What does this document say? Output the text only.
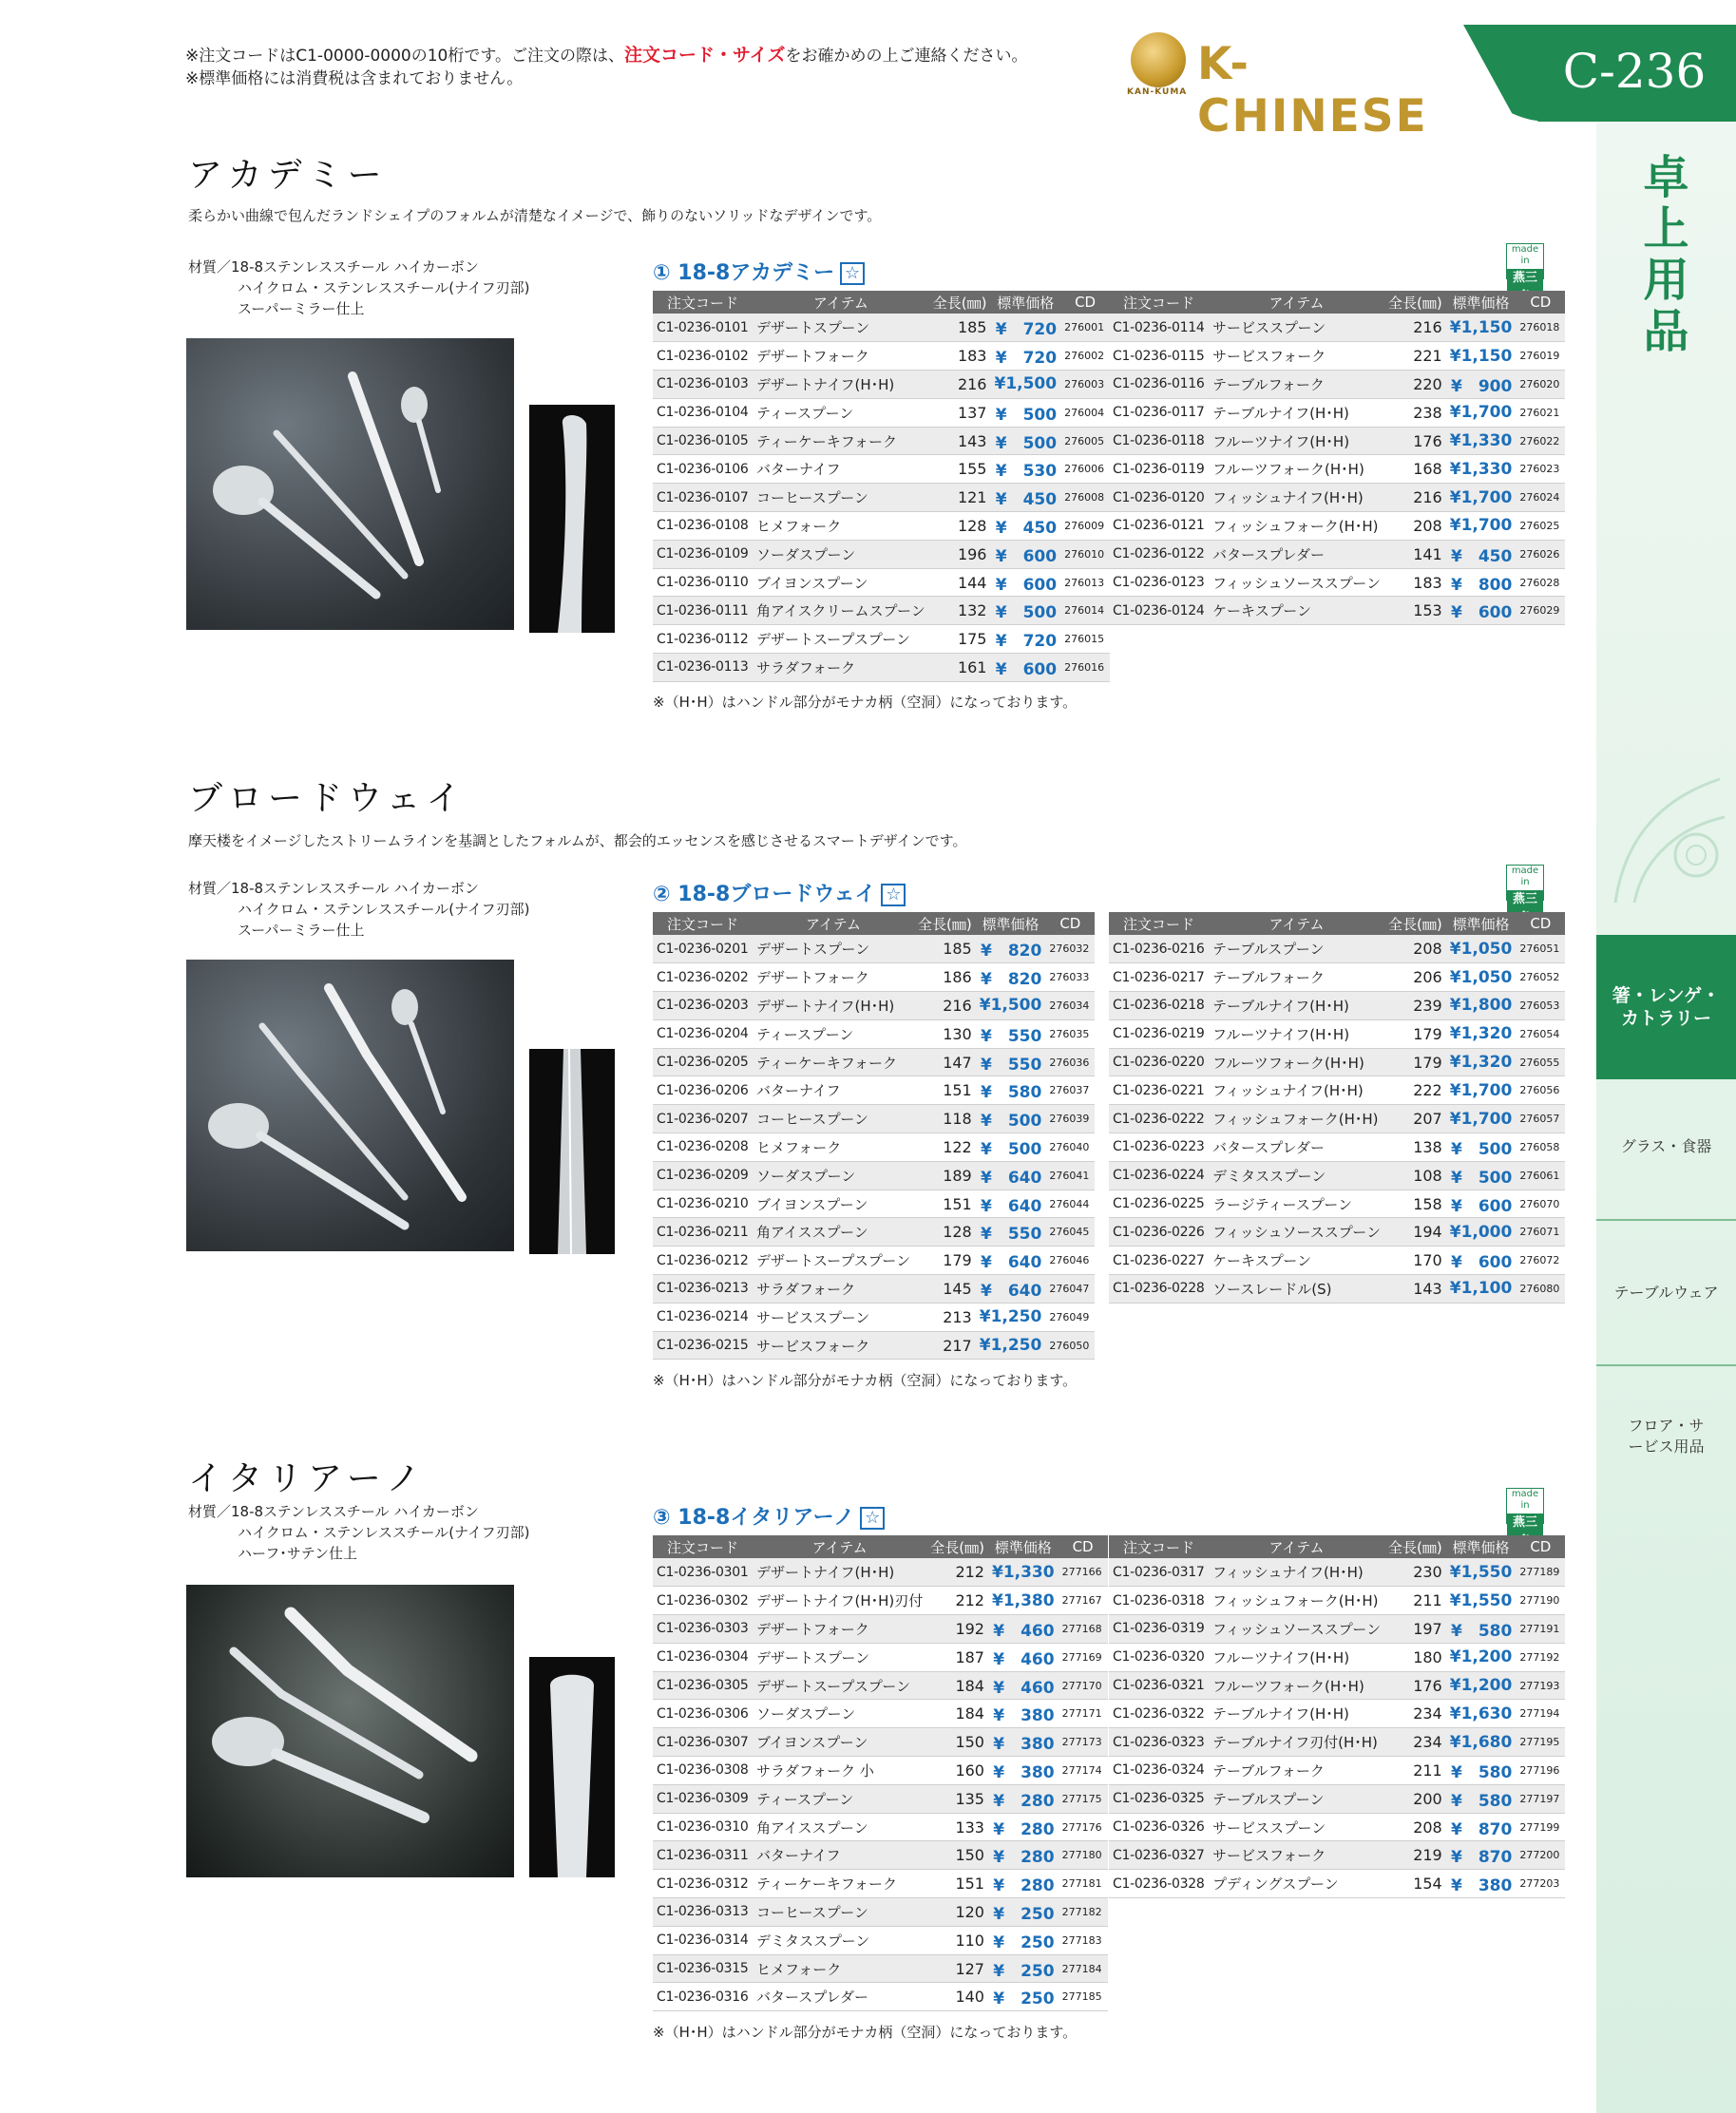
※注文コードはC1-0000-0000の10桁です。ご注文の際は、注文コード・サイズをお確かめの上ご連絡ください。
※標準価格には消費税は含まれておりません。
KAN-KUMA
K-CHINESE
C-236
卓上用品
箸・レンゲ・カトラリー
グラス・食器
テーブルウェア
フロア・サービス用品
アカデミー
柔らかい曲線で包んだランドシェイプのフォルムが清楚なイメージで、飾りのないソリッドなデザインです。
材質／18-8ステンレススチール ハイカーボン
ハイクロム・ステンレススチール(ナイフ刃部)
スーパーミラー仕上
① 18-8アカデミー ☆
made in
燕三
注文コード	アイテム	全長(㎜)	標準価格	CD
C1-0236-0101	デザートスプーン	185	¥　720	276001
C1-0236-0102	デザートフォーク	183	¥　720	276002
C1-0236-0103	デザートナイフ(H･H)	216	¥1,500	276003
C1-0236-0104	ティースプーン	137	¥　500	276004
C1-0236-0105	ティーケーキフォーク	143	¥　500	276005
C1-0236-0106	バターナイフ	155	¥　530	276006
C1-0236-0107	コーヒースプーン	121	¥　450	276008
C1-0236-0108	ヒメフォーク	128	¥　450	276009
C1-0236-0109	ソーダスプーン	196	¥　600	276010
C1-0236-0110	ブイヨンスプーン	144	¥　600	276013
C1-0236-0111	角アイスクリームスプーン	132	¥　500	276014
C1-0236-0112	デザートスープスプーン	175	¥　720	276015
C1-0236-0113	サラダフォーク	161	¥　600	276016
注文コード	アイテム	全長(㎜)	標準価格	CD
C1-0236-0114	サービススプーン	216	¥1,150	276018
C1-0236-0115	サービスフォーク	221	¥1,150	276019
C1-0236-0116	テーブルフォーク	220	¥　900	276020
C1-0236-0117	テーブルナイフ(H･H)	238	¥1,700	276021
C1-0236-0118	フルーツナイフ(H･H)	176	¥1,330	276022
C1-0236-0119	フルーツフォーク(H･H)	168	¥1,330	276023
C1-0236-0120	フィッシュナイフ(H･H)	216	¥1,700	276024
C1-0236-0121	フィッシュフォーク(H･H)	208	¥1,700	276025
C1-0236-0122	バタースプレダー	141	¥　450	276026
C1-0236-0123	フィッシュソーススプーン	183	¥　800	276028
C1-0236-0124	ケーキスプーン	153	¥　600	276029
※（H･H）はハンドル部分がモナカ柄（空洞）になっております。
ブロードウェイ
摩天楼をイメージしたストリームラインを基調としたフォルムが、都会的エッセンスを感じさせるスマートデザインです。
材質／18-8ステンレススチール ハイカーボン
ハイクロム・ステンレススチール(ナイフ刃部)
スーパーミラー仕上
② 18-8ブロードウェイ ☆
made in
燕三
注文コード	アイテム	全長(㎜)	標準価格	CD
C1-0236-0201	デザートスプーン	185	¥　820	276032
C1-0236-0202	デザートフォーク	186	¥　820	276033
C1-0236-0203	デザートナイフ(H･H)	216	¥1,500	276034
C1-0236-0204	ティースプーン	130	¥　550	276035
C1-0236-0205	ティーケーキフォーク	147	¥　550	276036
C1-0236-0206	バターナイフ	151	¥　580	276037
C1-0236-0207	コーヒースプーン	118	¥　500	276039
C1-0236-0208	ヒメフォーク	122	¥　500	276040
C1-0236-0209	ソーダスプーン	189	¥　640	276041
C1-0236-0210	ブイヨンスプーン	151	¥　640	276044
C1-0236-0211	角アイススプーン	128	¥　550	276045
C1-0236-0212	デザートスープスプーン	179	¥　640	276046
C1-0236-0213	サラダフォーク	145	¥　640	276047
C1-0236-0214	サービススプーン	213	¥1,250	276049
C1-0236-0215	サービスフォーク	217	¥1,250	276050
注文コード	アイテム	全長(㎜)	標準価格	CD
C1-0236-0216	テーブルスプーン	208	¥1,050	276051
C1-0236-0217	テーブルフォーク	206	¥1,050	276052
C1-0236-0218	テーブルナイフ(H･H)	239	¥1,800	276053
C1-0236-0219	フルーツナイフ(H･H)	179	¥1,320	276054
C1-0236-0220	フルーツフォーク(H･H)	179	¥1,320	276055
C1-0236-0221	フィッシュナイフ(H･H)	222	¥1,700	276056
C1-0236-0222	フィッシュフォーク(H･H)	207	¥1,700	276057
C1-0236-0223	バタースプレダー	138	¥　500	276058
C1-0236-0224	デミタススプーン	108	¥　500	276061
C1-0236-0225	ラージティースプーン	158	¥　600	276070
C1-0236-0226	フィッシュソーススプーン	194	¥1,000	276071
C1-0236-0227	ケーキスプーン	170	¥　600	276072
C1-0236-0228	ソースレードル(S)	143	¥1,100	276080
※（H･H）はハンドル部分がモナカ柄（空洞）になっております。
イタリアーノ
材質／18-8ステンレススチール ハイカーボン
ハイクロム・ステンレススチール(ナイフ刃部)
ハーフ･サテン仕上
③ 18-8イタリアーノ ☆
made in
燕三
注文コード	アイテム	全長(㎜)	標準価格	CD
C1-0236-0301	デザートナイフ(H･H)	212	¥1,330	277166
C1-0236-0302	デザートナイフ(H･H)刃付	212	¥1,380	277167
C1-0236-0303	デザートフォーク	192	¥　460	277168
C1-0236-0304	デザートスプーン	187	¥　460	277169
C1-0236-0305	デザートスープスプーン	184	¥　460	277170
C1-0236-0306	ソーダスプーン	184	¥　380	277171
C1-0236-0307	ブイヨンスプーン	150	¥　380	277173
C1-0236-0308	サラダフォーク 小	160	¥　380	277174
C1-0236-0309	ティースプーン	135	¥　280	277175
C1-0236-0310	角アイススプーン	133	¥　280	277176
C1-0236-0311	バターナイフ	150	¥　280	277180
C1-0236-0312	ティーケーキフォーク	151	¥　280	277181
C1-0236-0313	コーヒースプーン	120	¥　250	277182
C1-0236-0314	デミタススプーン	110	¥　250	277183
C1-0236-0315	ヒメフォーク	127	¥　250	277184
C1-0236-0316	バタースプレダー	140	¥　250	277185
注文コード	アイテム	全長(㎜)	標準価格	CD
C1-0236-0317	フィッシュナイフ(H･H)	230	¥1,550	277189
C1-0236-0318	フィッシュフォーク(H･H)	211	¥1,550	277190
C1-0236-0319	フィッシュソーススプーン	197	¥　580	277191
C1-0236-0320	フルーツナイフ(H･H)	180	¥1,200	277192
C1-0236-0321	フルーツフォーク(H･H)	176	¥1,200	277193
C1-0236-0322	テーブルナイフ(H･H)	234	¥1,630	277194
C1-0236-0323	テーブルナイフ刃付(H･H)	234	¥1,680	277195
C1-0236-0324	テーブルフォーク	211	¥　580	277196
C1-0236-0325	テーブルスプーン	200	¥　580	277197
C1-0236-0326	サービススプーン	208	¥　870	277199
C1-0236-0327	サービスフォーク	219	¥　870	277200
C1-0236-0328	プディングスプーン	154	¥　380	277203
※（H･H）はハンドル部分がモナカ柄（空洞）になっております。
